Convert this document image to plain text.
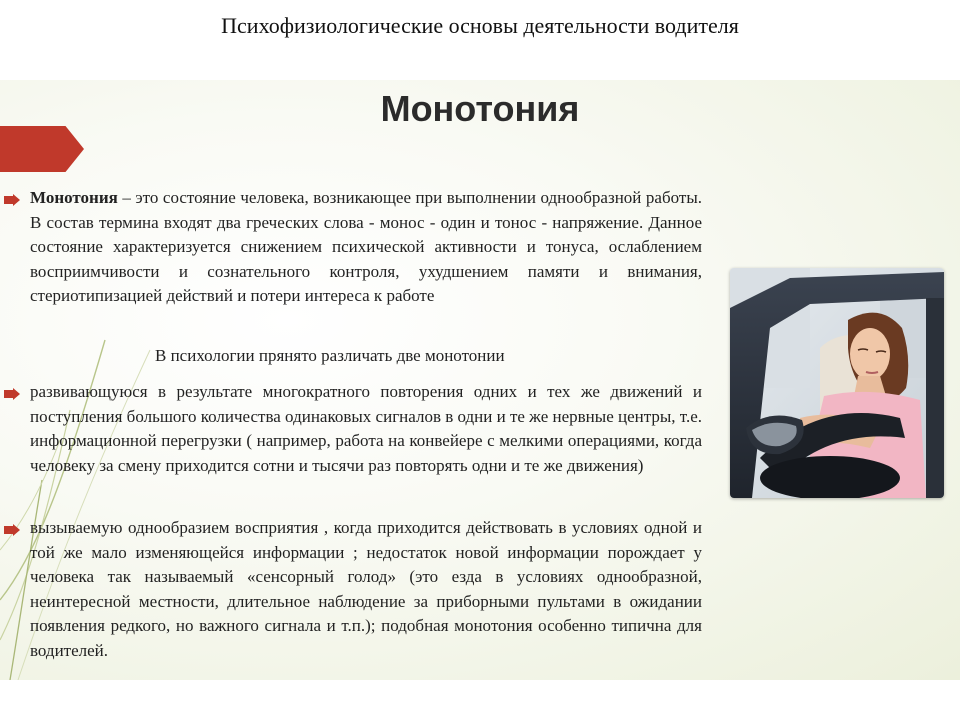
Психофизиологические основы деятельности водителя
Монотония

Монотония – это состояние человека, возникающее при выполнении однообразной работы. В состав термина входят два греческих слова - монос - один и тонос - напряжение. Данное состояние характеризуется снижением психической активности и тонуса, ослаблением восприимчивости и сознательного контроля, ухудшением памяти и внимания, стериотипизацией действий и потери интереса к работе

В психологии прянято различать две монотонии

развивающуюся в результате многократного повторения одних и тех же движений и поступления большого количества одинаковых сигналов в одни и те же нервные центры, т.е. информационной перегрузки ( например, работа на конвейере с мелкими операциями, когда человеку за смену приходится сотни и тысячи раз повторять одни и те же движения)

вызываемую однообразием восприятия , когда приходится действовать в условиях одной и той же мало изменяющейся информации ; недостаток новой информации порождает у человека так называемый «сенсорный голод» (это езда в условиях однообразной, неинтересной местности, длительное наблюдение за приборными пультами в ожидании появления редкого, но важного сигнала и т.п.); подобная монотония особенно типична для водителей.
